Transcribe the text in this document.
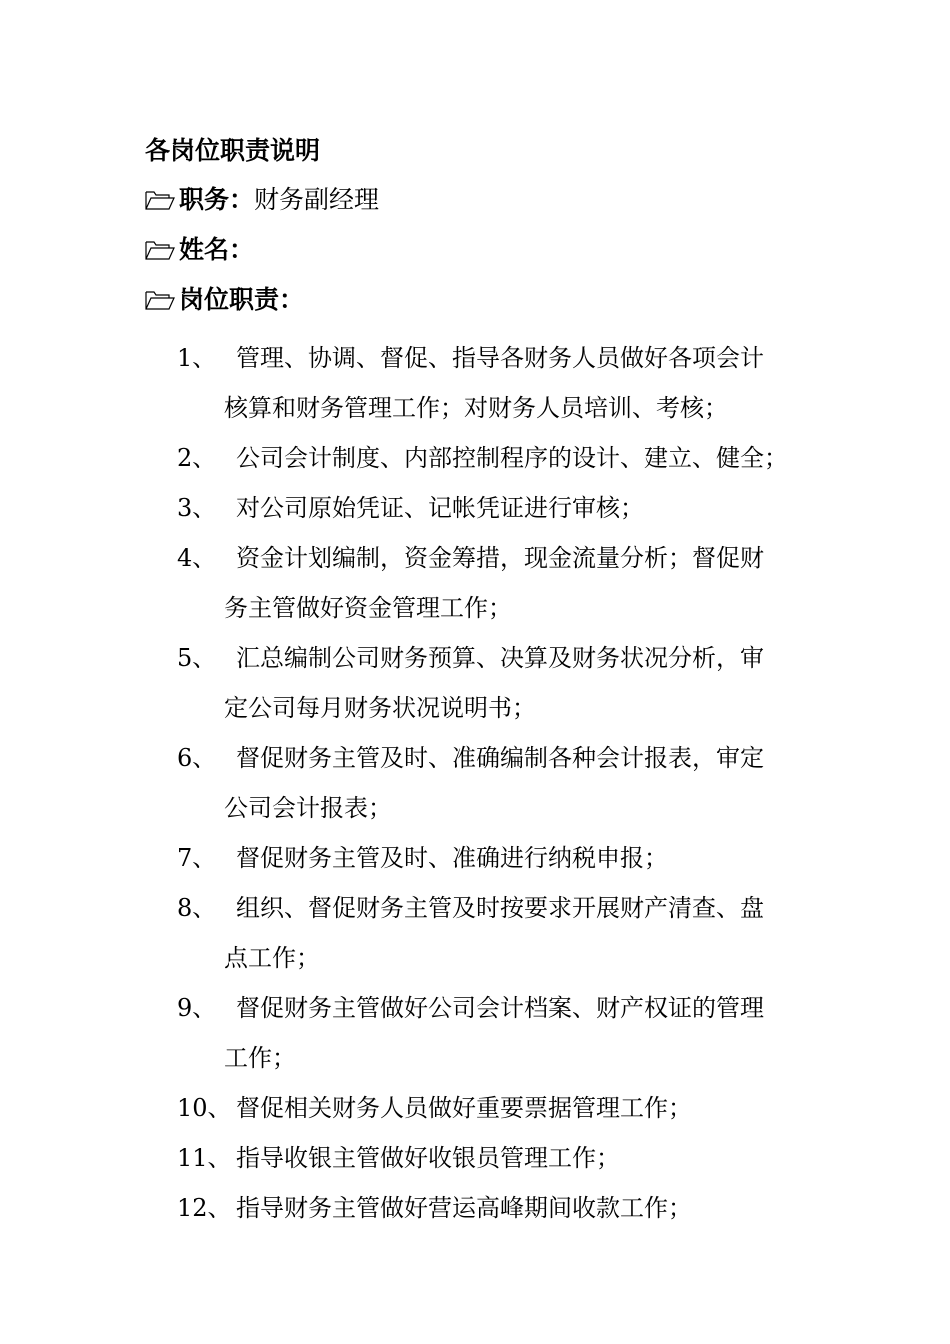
各岗位职责说明
职务： 财务副经理
姓名：
岗位职责：
1、 管理、协调、督促、指导各财务人员做好各项会计
核算和财务管理工作；对财务人员培训、考核；
2、 公司会计制度、内部控制程序的设计、建立、健全；
3、 对公司原始凭证、记帐凭证进行审核；
4、 资金计划编制，资金筹措，现金流量分析；督促财
务主管做好资金管理工作；
5、 汇总编制公司财务预算、决算及财务状况分析，审
定公司每月财务状况说明书；
6、 督促财务主管及时、准确编制各种会计报表，审定
公司会计报表；
7、 督促财务主管及时、准确进行纳税申报；
8、 组织、督促财务主管及时按要求开展财产清查、盘
点工作；
9、 督促财务主管做好公司会计档案、财产权证的管理
工作；
10、 督促相关财务人员做好重要票据管理工作；
11、 指导收银主管做好收银员管理工作；
12、 指导财务主管做好营运高峰期间收款工作；
